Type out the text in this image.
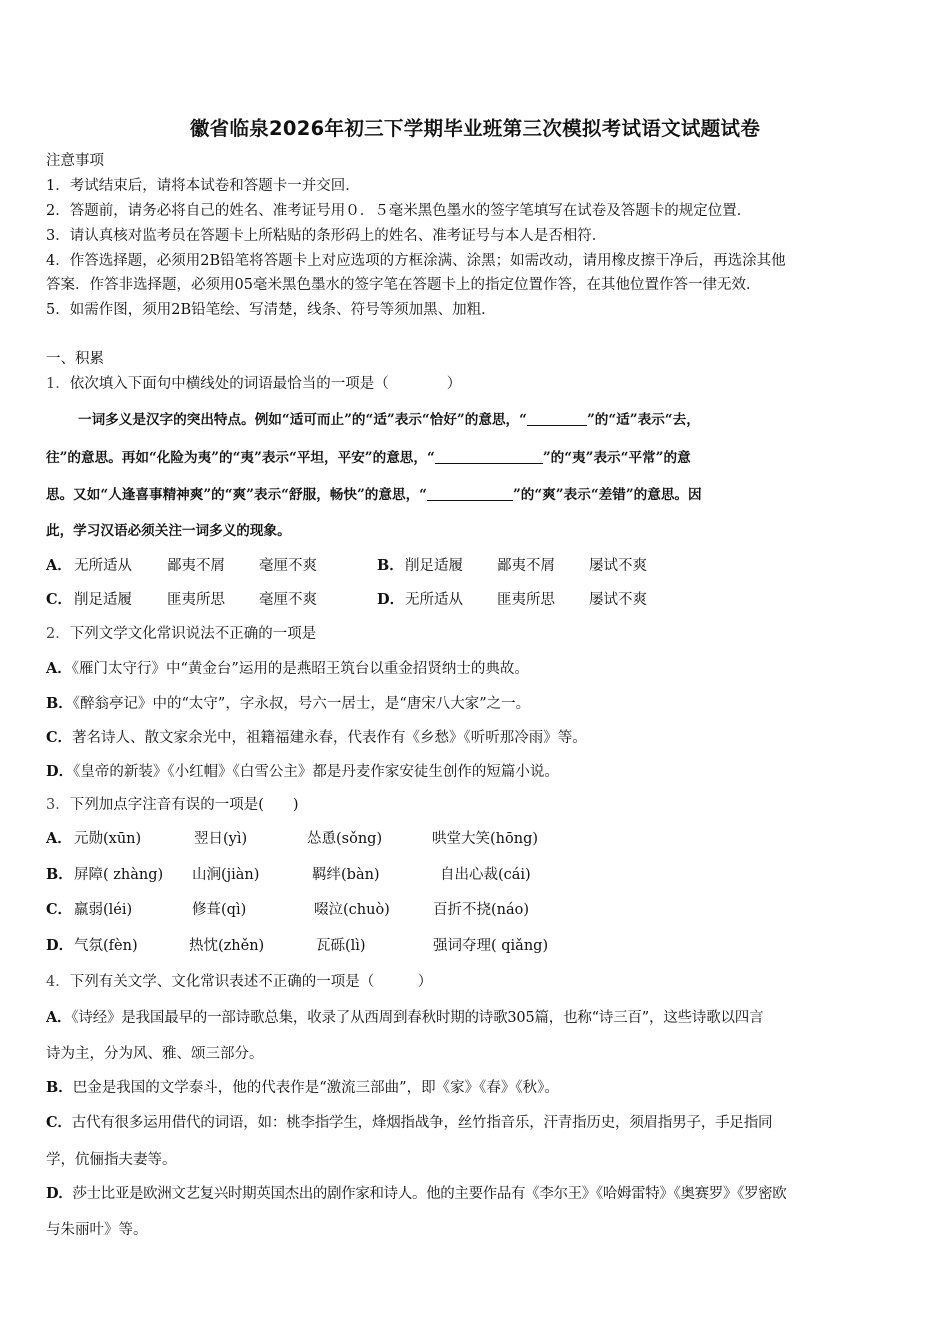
徽省临泉2026年初三下学期毕业班第三次模拟考试语文试题试卷
注意事项
1．考试结束后，请将本试卷和答题卡一并交回．
2．答题前，请务必将自己的姓名、准考证号用０．５毫米黑色墨水的签字笔填写在试卷及答题卡的规定位置．
3．请认真核对监考员在答题卡上所粘贴的条形码上的姓名、准考证号与本人是否相符．
4．作答选择题，必须用2B铅笔将答题卡上对应选项的方框涂满、涂黑；如需改动，请用橡皮擦干净后，再选涂其他
答案．作答非选择题，必须用05毫米黑色墨水的签字笔在答题卡上的指定位置作答，在其他位置作答一律无效．
5．如需作图，须用2B铅笔绘、写清楚，线条、符号等须加黑、加粗．
一、积累
1．依次填入下面句中横线处的词语最恰当的一项是（　　　　）
一词多义是汉字的突出特点。例如“适可而止”的“适”表示“恰好”的意思，“	”的“适”表示“去，
往”的意思。再如“化险为夷”的“夷”表示“平坦，平安”的意思，“	”的“夷”表示“平常”的意
思。又如“人逢喜事精神爽”的“爽”表示“舒服，畅快”的意思，“	”的“爽”表示“差错”的意思。因
此，学习汉语必须关注一词多义的现象。
A． 无所适从 鄙夷不屑 毫厘不爽	B． 削足适履 鄙夷不屑 屡试不爽
C． 削足适履 匪夷所思 毫厘不爽	D． 无所适从 匪夷所思 屡试不爽
2．下列文学文化常识说法不正确的一项是
A．《雁门太守行》中“黄金台”运用的是燕昭王筑台以重金招贤纳士的典故。
B．《醉翁亭记》中的“太守”，字永叔，号六一居士，是“唐宋八大家”之一。
C．著名诗人、散文家余光中，祖籍福建永春，代表作有《乡愁》《听听那冷雨》等。
D．《皇帝的新装》《小红帽》《白雪公主》都是丹麦作家安徒生创作的短篇小说。
3．下列加点字注音有误的一项是(　　)
A． 元勋(xūn)	翌日(yì)	怂恿(sǒng)	哄堂大笑(hōng)
B． 屏障( zhàng) 山涧(jiàn)	羁绊(bàn)	自出心裁(cái)
C． 羸弱(léi)	修葺(qì)	啜泣(chuò)	百折不挠(náo)
D． 气氛(fèn)	热忱(zhěn)	瓦砾(lì)	强词夺理( qiǎng)
4．下列有关文学、文化常识表述不正确的一项是（　　　）
A．《诗经》是我国最早的一部诗歌总集，收录了从西周到春秋时期的诗歌305篇，也称“诗三百”，这些诗歌以四言
诗为主，分为风、雅、颂三部分。
B．巴金是我国的文学泰斗，他的代表作是“激流三部曲”，即《家》《春》《秋》。
C．古代有很多运用借代的词语，如：桃李指学生，烽烟指战争，丝竹指音乐，汗青指历史，须眉指男子，手足指同
学，伉俪指夫妻等。
D．莎士比亚是欧洲文艺复兴时期英国杰出的剧作家和诗人。他的主要作品有《李尔王》《哈姆雷特》《奥赛罗》《罗密欧
与朱丽叶》等。
